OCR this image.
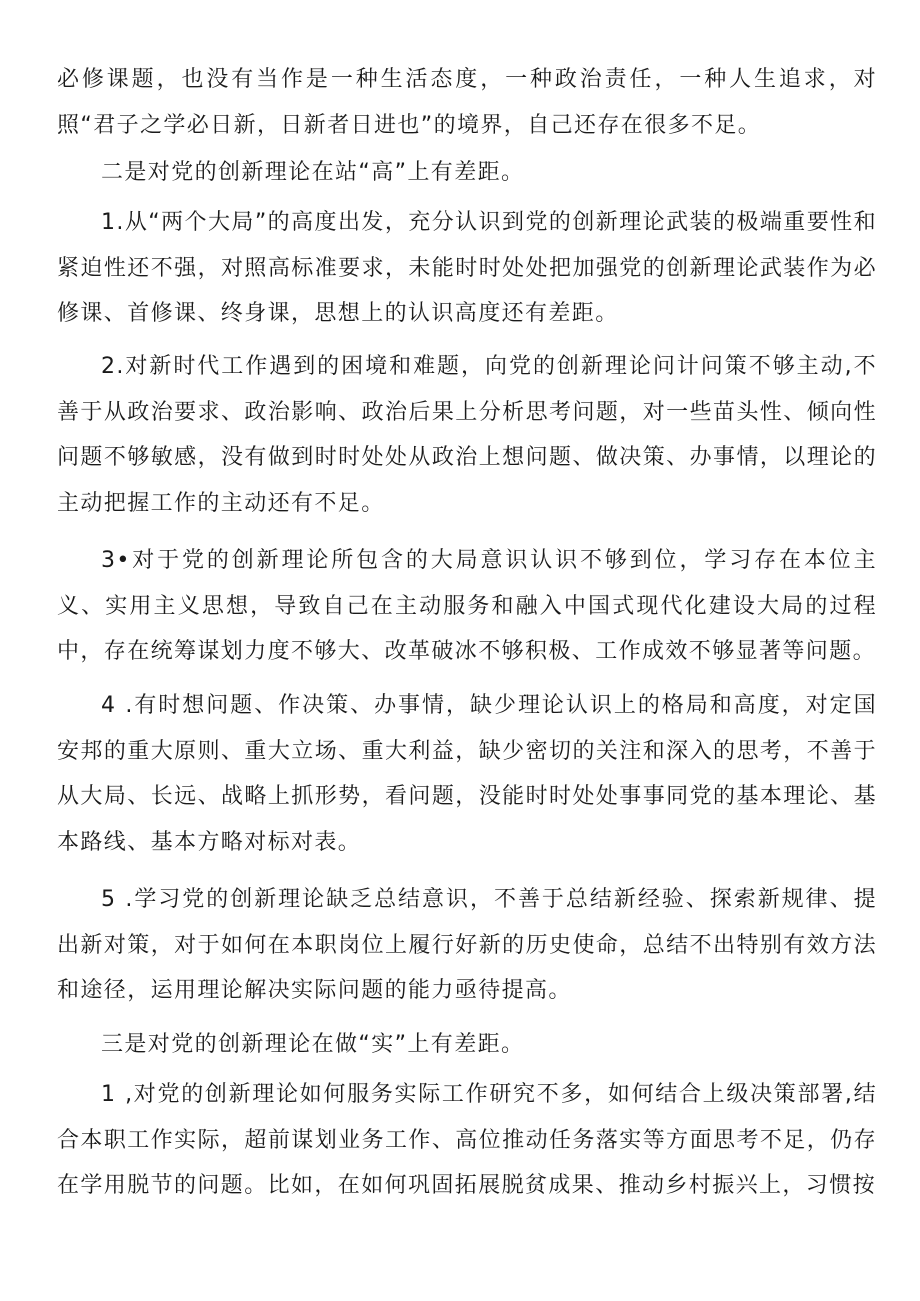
必修课题，也没有当作是一种生活态度，一种政治责任，一种人生追求，对照“君子之学必日新，日新者日进也”的境界，自己还存在很多不足。

二是对党的创新理论在站“高”上有差距。

1.从“两个大局”的高度出发，充分认识到党的创新理论武装的极端重要性和紧迫性还不强，对照高标准要求，未能时时处处把加强党的创新理论武装作为必修课、首修课、终身课，思想上的认识高度还有差距。

2.对新时代工作遇到的困境和难题，向党的创新理论问计问策不够主动,不善于从政治要求、政治影响、政治后果上分析思考问题，对一些苗头性、倾向性问题不够敏感，没有做到时时处处从政治上想问题、做决策、办事情，以理论的主动把握工作的主动还有不足。

3•对于党的创新理论所包含的大局意识认识不够到位，学习存在本位主义、实用主义思想，导致自己在主动服务和融入中国式现代化建设大局的过程中，存在统筹谋划力度不够大、改革破冰不够积极、工作成效不够显著等问题。

4 .有时想问题、作决策、办事情，缺少理论认识上的格局和高度，对定国安邦的重大原则、重大立场、重大利益，缺少密切的关注和深入的思考，不善于从大局、长远、战略上抓形势，看问题，没能时时处处事事同党的基本理论、基本路线、基本方略对标对表。

5 .学习党的创新理论缺乏总结意识，不善于总结新经验、探索新规律、提出新对策，对于如何在本职岗位上履行好新的历史使命，总结不出特别有效方法和途径，运用理论解决实际问题的能力亟待提高。

三是对党的创新理论在做“实”上有差距。

1 ,对党的创新理论如何服务实际工作研究不多，如何结合上级决策部署,结合本职工作实际，超前谋划业务工作、高位推动任务落实等方面思考不足，仍存在学用脱节的问题。比如，在如何巩固拓展脱贫成果、推动乡村振兴上，习惯按
